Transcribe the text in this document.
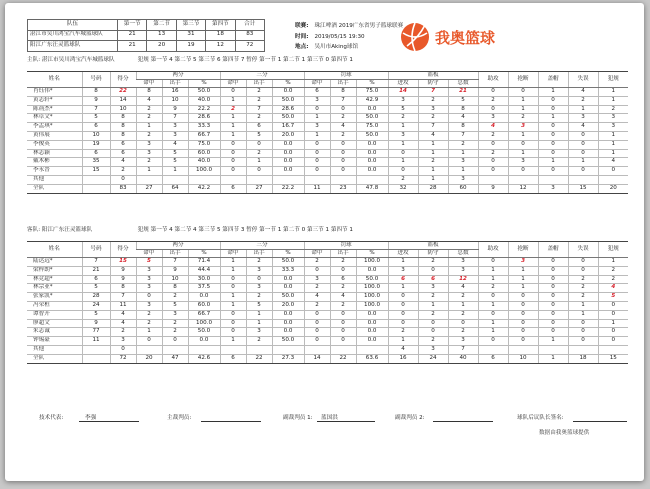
队伍	第一节	第二节	第三节	第四节	合计
湛江市吴川鸿宝汽车城篮球队	21	13	31	18	83
阳江广东汪灵篮球队	21	20	19	12	72
联赛: 珠江啤酒 2019广东省男子篮球联赛
时间: 2019/05/15 19:30
地点: 吴川市Aking球馆	我奥篮球
主队: 湛江市吴川鸿宝汽车城篮球队	犯规 第一节 4 第二节 5 第三节 6 第四节 7 暂停 第一节 1 第二节 1 第三节 0 第四节 1
姓名	号码	得分	两分			三分			罚球			篮板			助攻	抢断	盖帽	失误	犯规
			命中	出手	%	命中	出手	%	命中	出手	%	进攻	防守	总数					
肖钰伟*	8	22	8	16	50.0	0	2	0.0	6	8	75.0	14	7	21	0	0	1	4	1
黄志轩*	9	14	4	10	40.0	1	2	50.0	3	7	42.9	3	2	5	2	1	0	2	1
陈荊杰*	7	10	2	9	22.2	2	7	28.6	0	0	0.0	5	3	8	0	1	0	1	2
林卓文*	5	8	2	7	28.6	1	2	50.0	1	2	50.0	2	2	4	3	2	1	3	3
李孟琪*	6	8	1	3	33.3	1	6	16.7	3	4	75.0	1	7	8	4	3	0	4	3
黄伟展	10	8	2	3	66.7	1	5	20.0	1	2	50.0	3	4	7	2	1	0	0	1
李俊英	19	6	3	4	75.0	0	0	0.0	0	0	0.0	1	1	2	0	0	0	0	1
林志颖	6	6	3	5	60.0	0	2	0.0	0	0	0.0	0	1	1	2	1	0	0	1
戴木彬	35	4	2	5	40.0	0	1	0.0	0	0	0.0	1	2	3	0	3	1	1	4
李永晋	15	2	1	1	100.0	0	0	0.0	0	0	0.0	0	1	1	0	0	0	0	0
其他		0										2	1	3					
全队		83	27	64	42.2	6	27	22.2	11	23	47.8	32	28	60	9	12	3	15	20
客队: 阳江广东汪灵篮球队	犯规 第一节 4 第二节 4 第三节 5 第四节 3 暂停 第一节 1 第二节 0 第三节 1 第四节 1
姓名	号码	得分	两分			三分			罚球			篮板			助攻	抢断	盖帽	失误	犯规
			命中	出手	%	命中	出手	%	命中	出手	%	进攻	防守	总数					
陆达远*	7	15	5	7	71.4	1	2	50.0	2	2	100.0	1	2	3	0	3	0	0	1
梁梓朗*	21	9	3	9	44.4	1	3	33.3	0	0	0.0	3	0	3	1	1	0	0	2
林竞超*	6	9	3	10	30.0	0	0	0.0	3	6	50.0	6	6	12	1	1	0	2	2
林宗亚*	5	8	3	8	37.5	0	3	0.0	2	2	100.0	1	3	4	2	1	0	2	4
张家凯*	28	7	0	2	0.0	1	2	50.0	4	4	100.0	0	2	2	0	0	0	2	5
冯荣桓	24	11	3	5	60.0	1	5	20.0	2	2	100.0	0	1	1	1	0	0	1	0
谭智开	5	4	2	3	66.7	0	1	0.0	0	0	0.0	0	2	2	0	0	0	1	0
廖超文	9	4	2	2	100.0	0	1	0.0	0	0	0.0	0	0	0	1	0	0	0	1
朱志诚	77	2	1	2	50.0	0	3	0.0	0	0	0.0	2	0	2	1	0	0	0	0
钟锡豪	11	3	0	0	0.0	1	2	50.0	0	0	0.0	1	2	3	0	0	1	0	0
其他		0										4	3	7					
全队		72	20	47	42.6	6	22	27.3	14	22	63.6	16	24	40	6	10	1	18	15
技术代表:	李强	主裁判员:	副裁判员 1: 蓝国洪	副裁判员 2:	球队后议队长签名:
数据由我奥篮球提供
